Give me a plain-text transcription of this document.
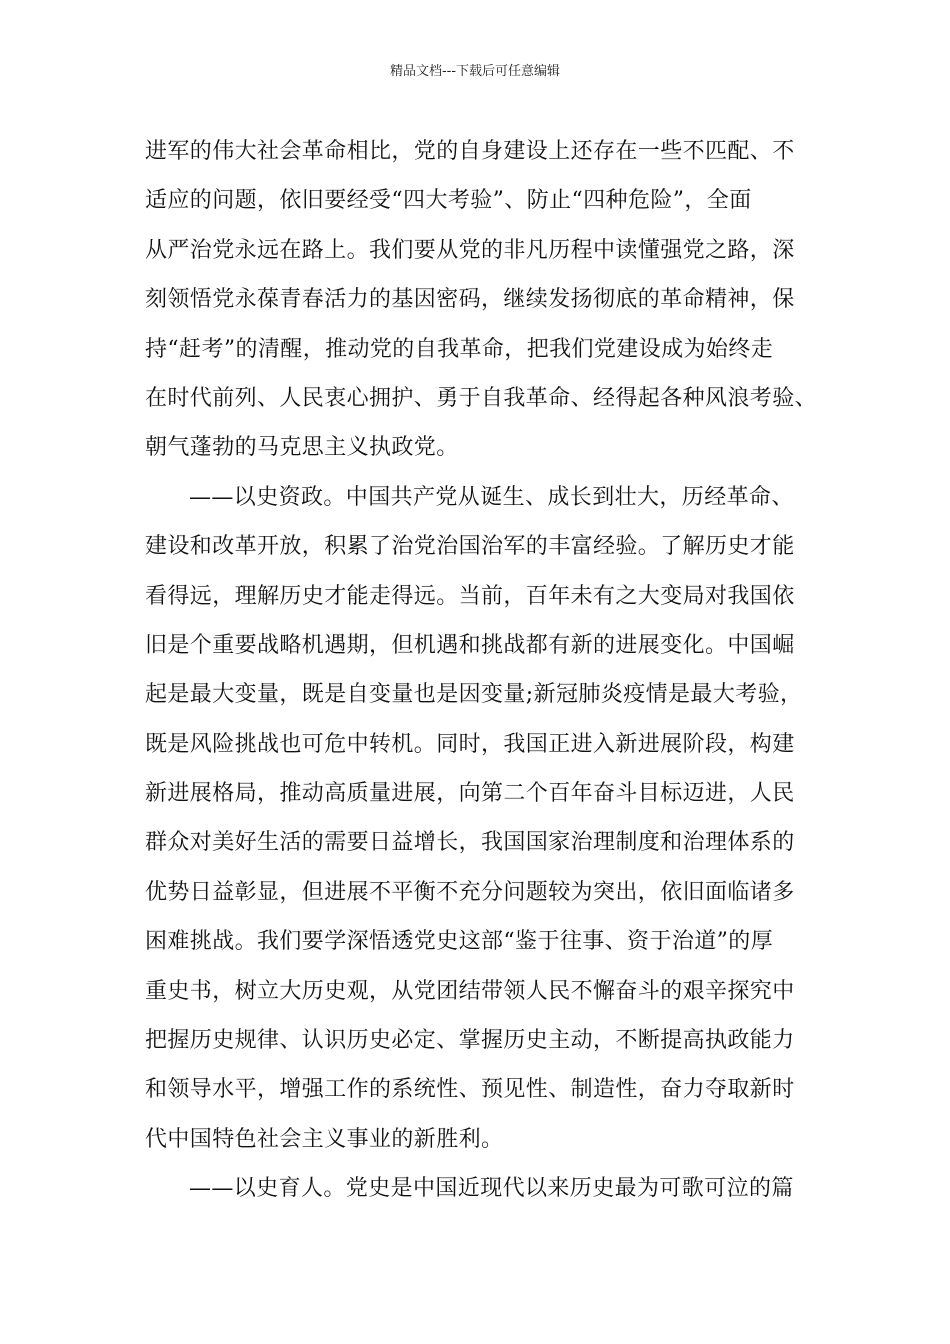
精品文档---下载后可任意编辑
进军的伟大社会革命相比，党的自身建设上还存在一些不匹配、不
适应的问题，依旧要经受“四大考验”、防止“四种危险”，全面
从严治党永远在路上。我们要从党的非凡历程中读懂强党之路，深
刻领悟党永葆青春活力的基因密码，继续发扬彻底的革命精神，保
持“赶考”的清醒，推动党的自我革命，把我们党建设成为始终走
在时代前列、人民衷心拥护、勇于自我革命、经得起各种风浪考验、
朝气蓬勃的马克思主义执政党。
——以史资政。中国共产党从诞生、成长到壮大，历经革命、
建设和改革开放，积累了治党治国治军的丰富经验。了解历史才能
看得远，理解历史才能走得远。当前，百年未有之大变局对我国依
旧是个重要战略机遇期，但机遇和挑战都有新的进展变化。中国崛
起是最大变量，既是自变量也是因变量;新冠肺炎疫情是最大考验，
既是风险挑战也可危中转机。同时，我国正进入新进展阶段，构建
新进展格局，推动高质量进展，向第二个百年奋斗目标迈进，人民
群众对美好生活的需要日益增长，我国国家治理制度和治理体系的
优势日益彰显，但进展不平衡不充分问题较为突出，依旧面临诸多
困难挑战。我们要学深悟透党史这部“鉴于往事、资于治道”的厚
重史书，树立大历史观，从党团结带领人民不懈奋斗的艰辛探究中
把握历史规律、认识历史必定、掌握历史主动，不断提高执政能力
和领导水平，增强工作的系统性、预见性、制造性，奋力夺取新时
代中国特色社会主义事业的新胜利。
——以史育人。党史是中国近现代以来历史最为可歌可泣的篇
